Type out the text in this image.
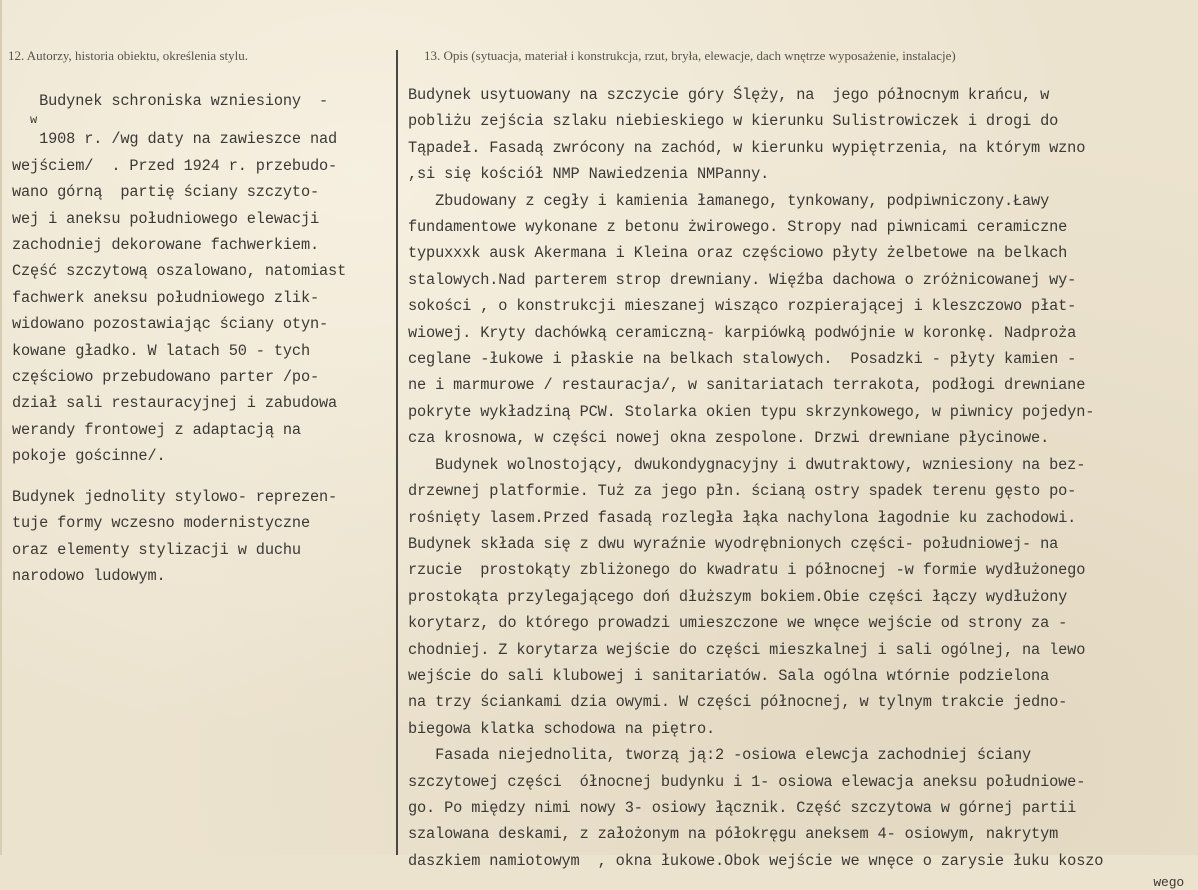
12. Autorzy, historia obiektu, określenia stylu.	13. Opis (sytuacja, materiał i konstrukcja, rzut, bryła, elewacje, dach wnętrze wyposażenie, instalacje)
Budynek schroniska wzniesiony  -
w
1908 r. /wg daty na zawieszce nad
wejściem/  . Przed 1924 r. przebudo-
wano górną  partię ściany szczyto-
wej i aneksu południowego elewacji
zachodniej dekorowane fachwerkiem.
Część szczytową oszalowano, natomiast
fachwerk aneksu południowego zlik-
widowano pozostawiając ściany otyn-
kowane gładko. W latach 50 - tych
częściowo przebudowano parter /po-
dział sali restauracyjnej i zabudowa
werandy frontowej z adaptacją na
pokoje gościnne/.
Budynek jednolity stylowo- reprezen-
tuje formy wczesno modernistyczne
oraz elementy stylizacji w duchu
narodowo ludowym.
Budynek usytuowany na szczycie góry Ślęży, na  jego północnym krańcu, w
pobliżu zejścia szlaku niebieskiego w kierunku Sulistrowiczek i drogi do
Tąpadeł. Fasadą zwrócony na zachód, w kierunku wypiętrzenia, na którym wzno
,si się kościół NMP Nawiedzenia NMPanny.
Zbudowany z cegły i kamienia łamanego, tynkowany, podpiwniczony.Ławy
fundamentowe wykonane z betonu żwirowego. Stropy nad piwnicami ceramiczne
typuxxxk ausk Akermana i Kleina oraz częściowo płyty żelbetowe na belkach
stalowych.Nad parterem strop drewniany. Więźba dachowa o zróżnicowanej wy-
sokości , o konstrukcji mieszanej wisząco rozpierającej i kleszczowo płat-
wiowej. Kryty dachówką ceramiczną- karpiówką podwójnie w koronkę. Nadproża
ceglane -łukowe i płaskie na belkach stalowych.  Posadzki - płyty kamien -
ne i marmurowe / restauracja/, w sanitariatach terrakota, podłogi drewniane
pokryte wykładziną PCW. Stolarka okien typu skrzynkowego, w piwnicy pojedyn-
cza krosnowa, w części nowej okna zespolone. Drzwi drewniane płycinowe.
Budynek wolnostojący, dwukondygnacyjny i dwutraktowy, wzniesiony na bez-
drzewnej platformie. Tuż za jego płn. ścianą ostry spadek terenu gęsto po-
rośnięty lasem.Przed fasadą rozległa łąka nachylona łagodnie ku zachodowi.
Budynek składa się z dwu wyraźnie wyodrębnionych części- południowej- na
rzucie  prostokąty zbliżonego do kwadratu i północnej -w formie wydłużonego
prostokąta przylegającego doń dłuższym bokiem.Obie części łączy wydłużony
korytarz, do którego prowadzi umieszczone we wnęce wejście od strony za -
chodniej. Z korytarza wejście do części mieszkalnej i sali ogólnej, na lewo
wejście do sali klubowej i sanitariatów. Sala ogólna wtórnie podzielona
na trzy ściankami dzia owymi. W części północnej, w tylnym trakcie jedno-
biegowa klatka schodowa na piętro.
Fasada niejednolita, tworzą ją:2 -osiowa elewcja zachodniej ściany
szczytowej części  ółnocnej budynku i 1- osiowa elewacja aneksu południowe-
go. Po między nimi nowy 3- osiowy łącznik. Część szczytowa w górnej partii
szalowana deskami, z założonym na półokręgu aneksem 4- osiowym, nakrytym
daszkiem namiotowym  , okna łukowe.Obok wejście we wnęce o zarysie łuku koszo
wego
